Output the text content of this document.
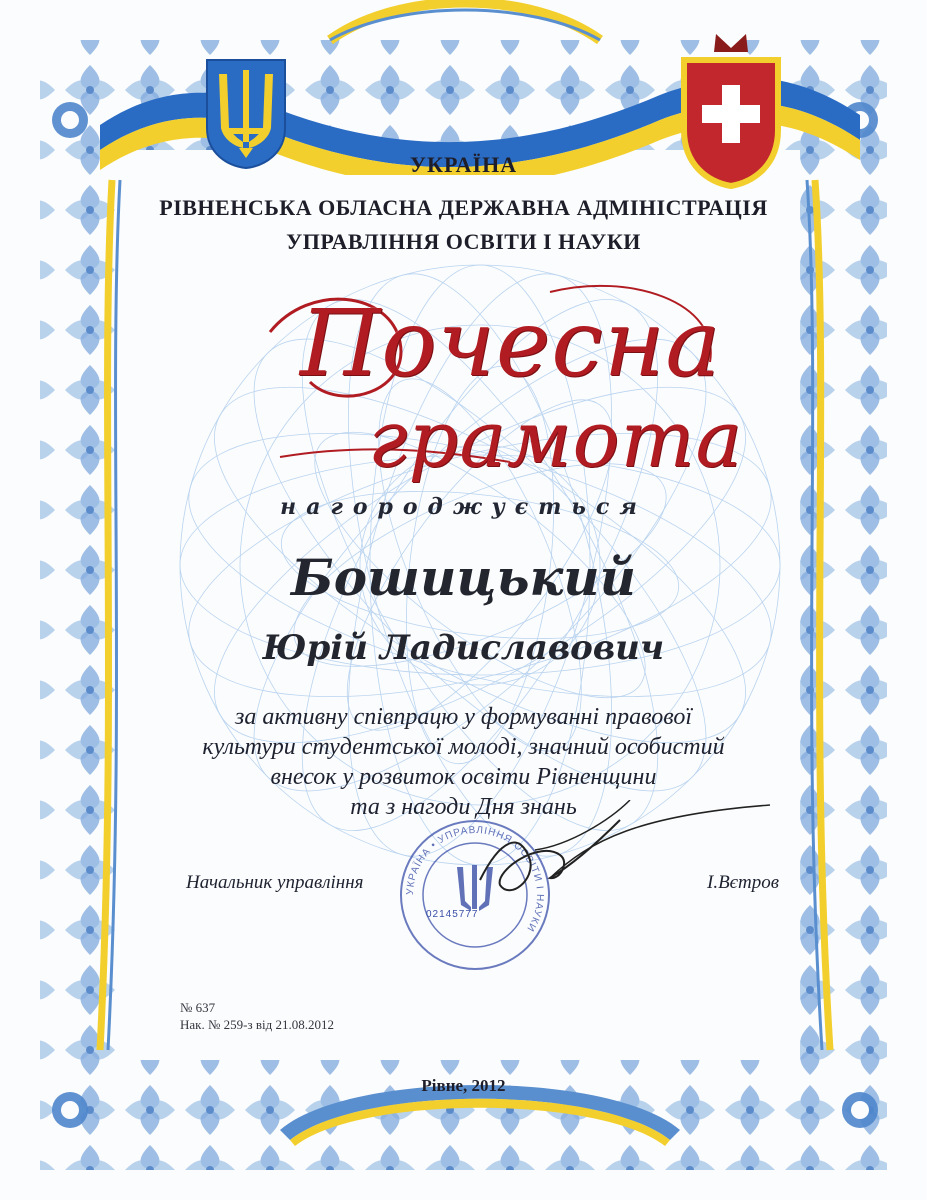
УКРАЇНА
РІВНЕНСЬКА ОБЛАСНА ДЕРЖАВНА АДМІНІСТРАЦІЯ
УПРАВЛІННЯ ОСВІТИ І НАУКИ
Почесна
грамота
нагороджується
Бошицький
Юрій Ладиславович
за активну співпрацю у формуванні правової
культури студентської молоді, значний особистий
внесок у розвиток освіти Рівненщини
та з нагоди Дня знань
УКРАЇНА • УПРАВЛІННЯ ОСВІТИ І НАУКИ
02145777
Начальник управління	І.Вєтров
№ 637
Нак. № 259-з від 21.08.2012
Рівне, 2012
